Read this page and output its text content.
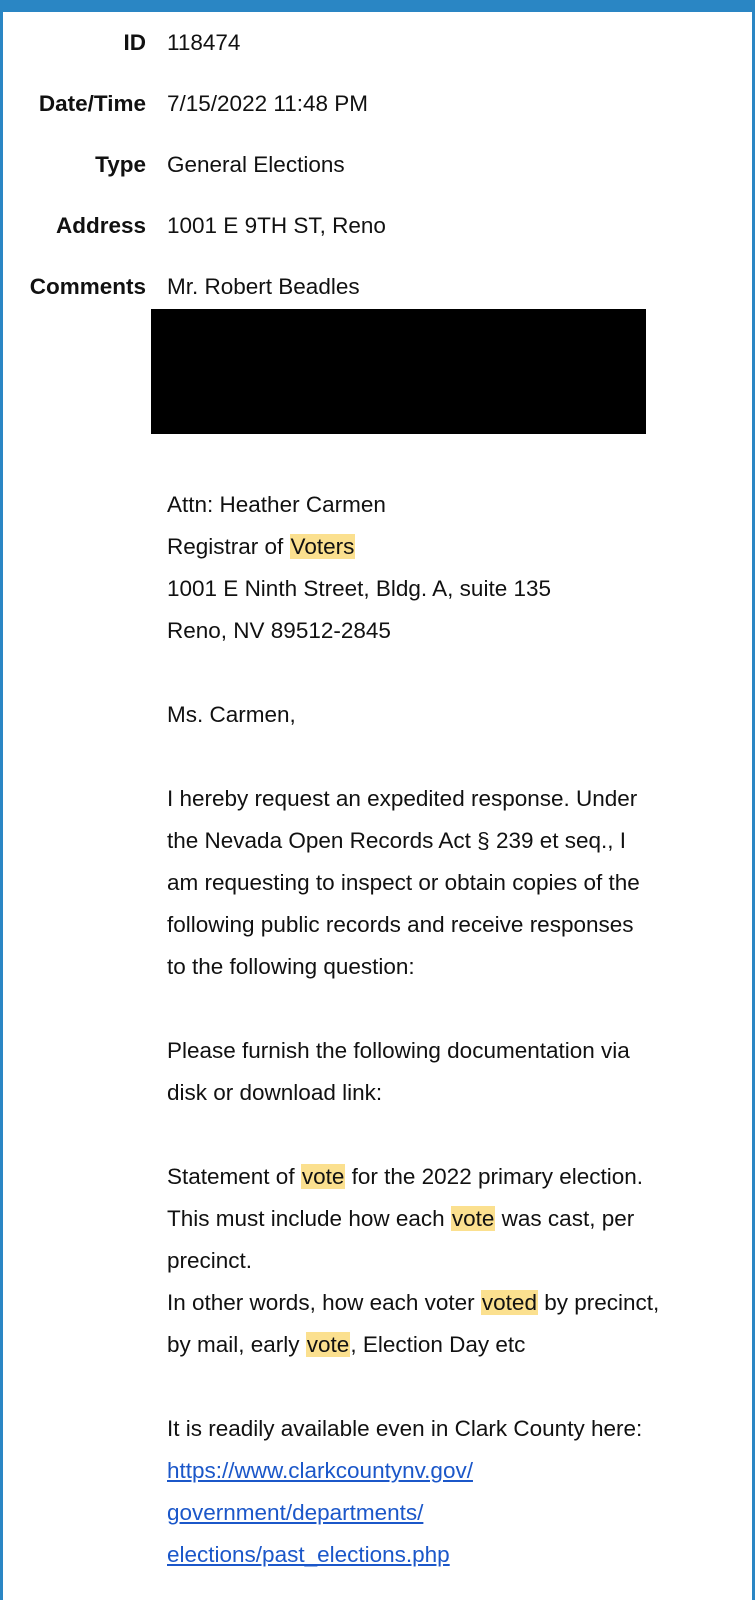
ID 118474
Date/Time 7/15/2022 11:48 PM
Type General Elections
Address 1001 E 9TH ST, Reno
Comments Mr. Robert Beadles
Attn: Heather Carmen
Registrar of Voters
1001 E Ninth Street, Bldg. A, suite 135
Reno, NV 89512-2845
Ms. Carmen,
I hereby request an expedited response. Under
the Nevada Open Records Act § 239 et seq., I
am requesting to inspect or obtain copies of the
following public records and receive responses
to the following question:
Please furnish the following documentation via
disk or download link:
Statement of vote for the 2022 primary election.
This must include how each vote was cast, per
precinct.
In other words, how each voter voted by precinct,
by mail, early vote, Election Day etc
It is readily available even in Clark County here:
https://www.clarkcountynv.gov/
government/departments/
elections/past_elections.php
